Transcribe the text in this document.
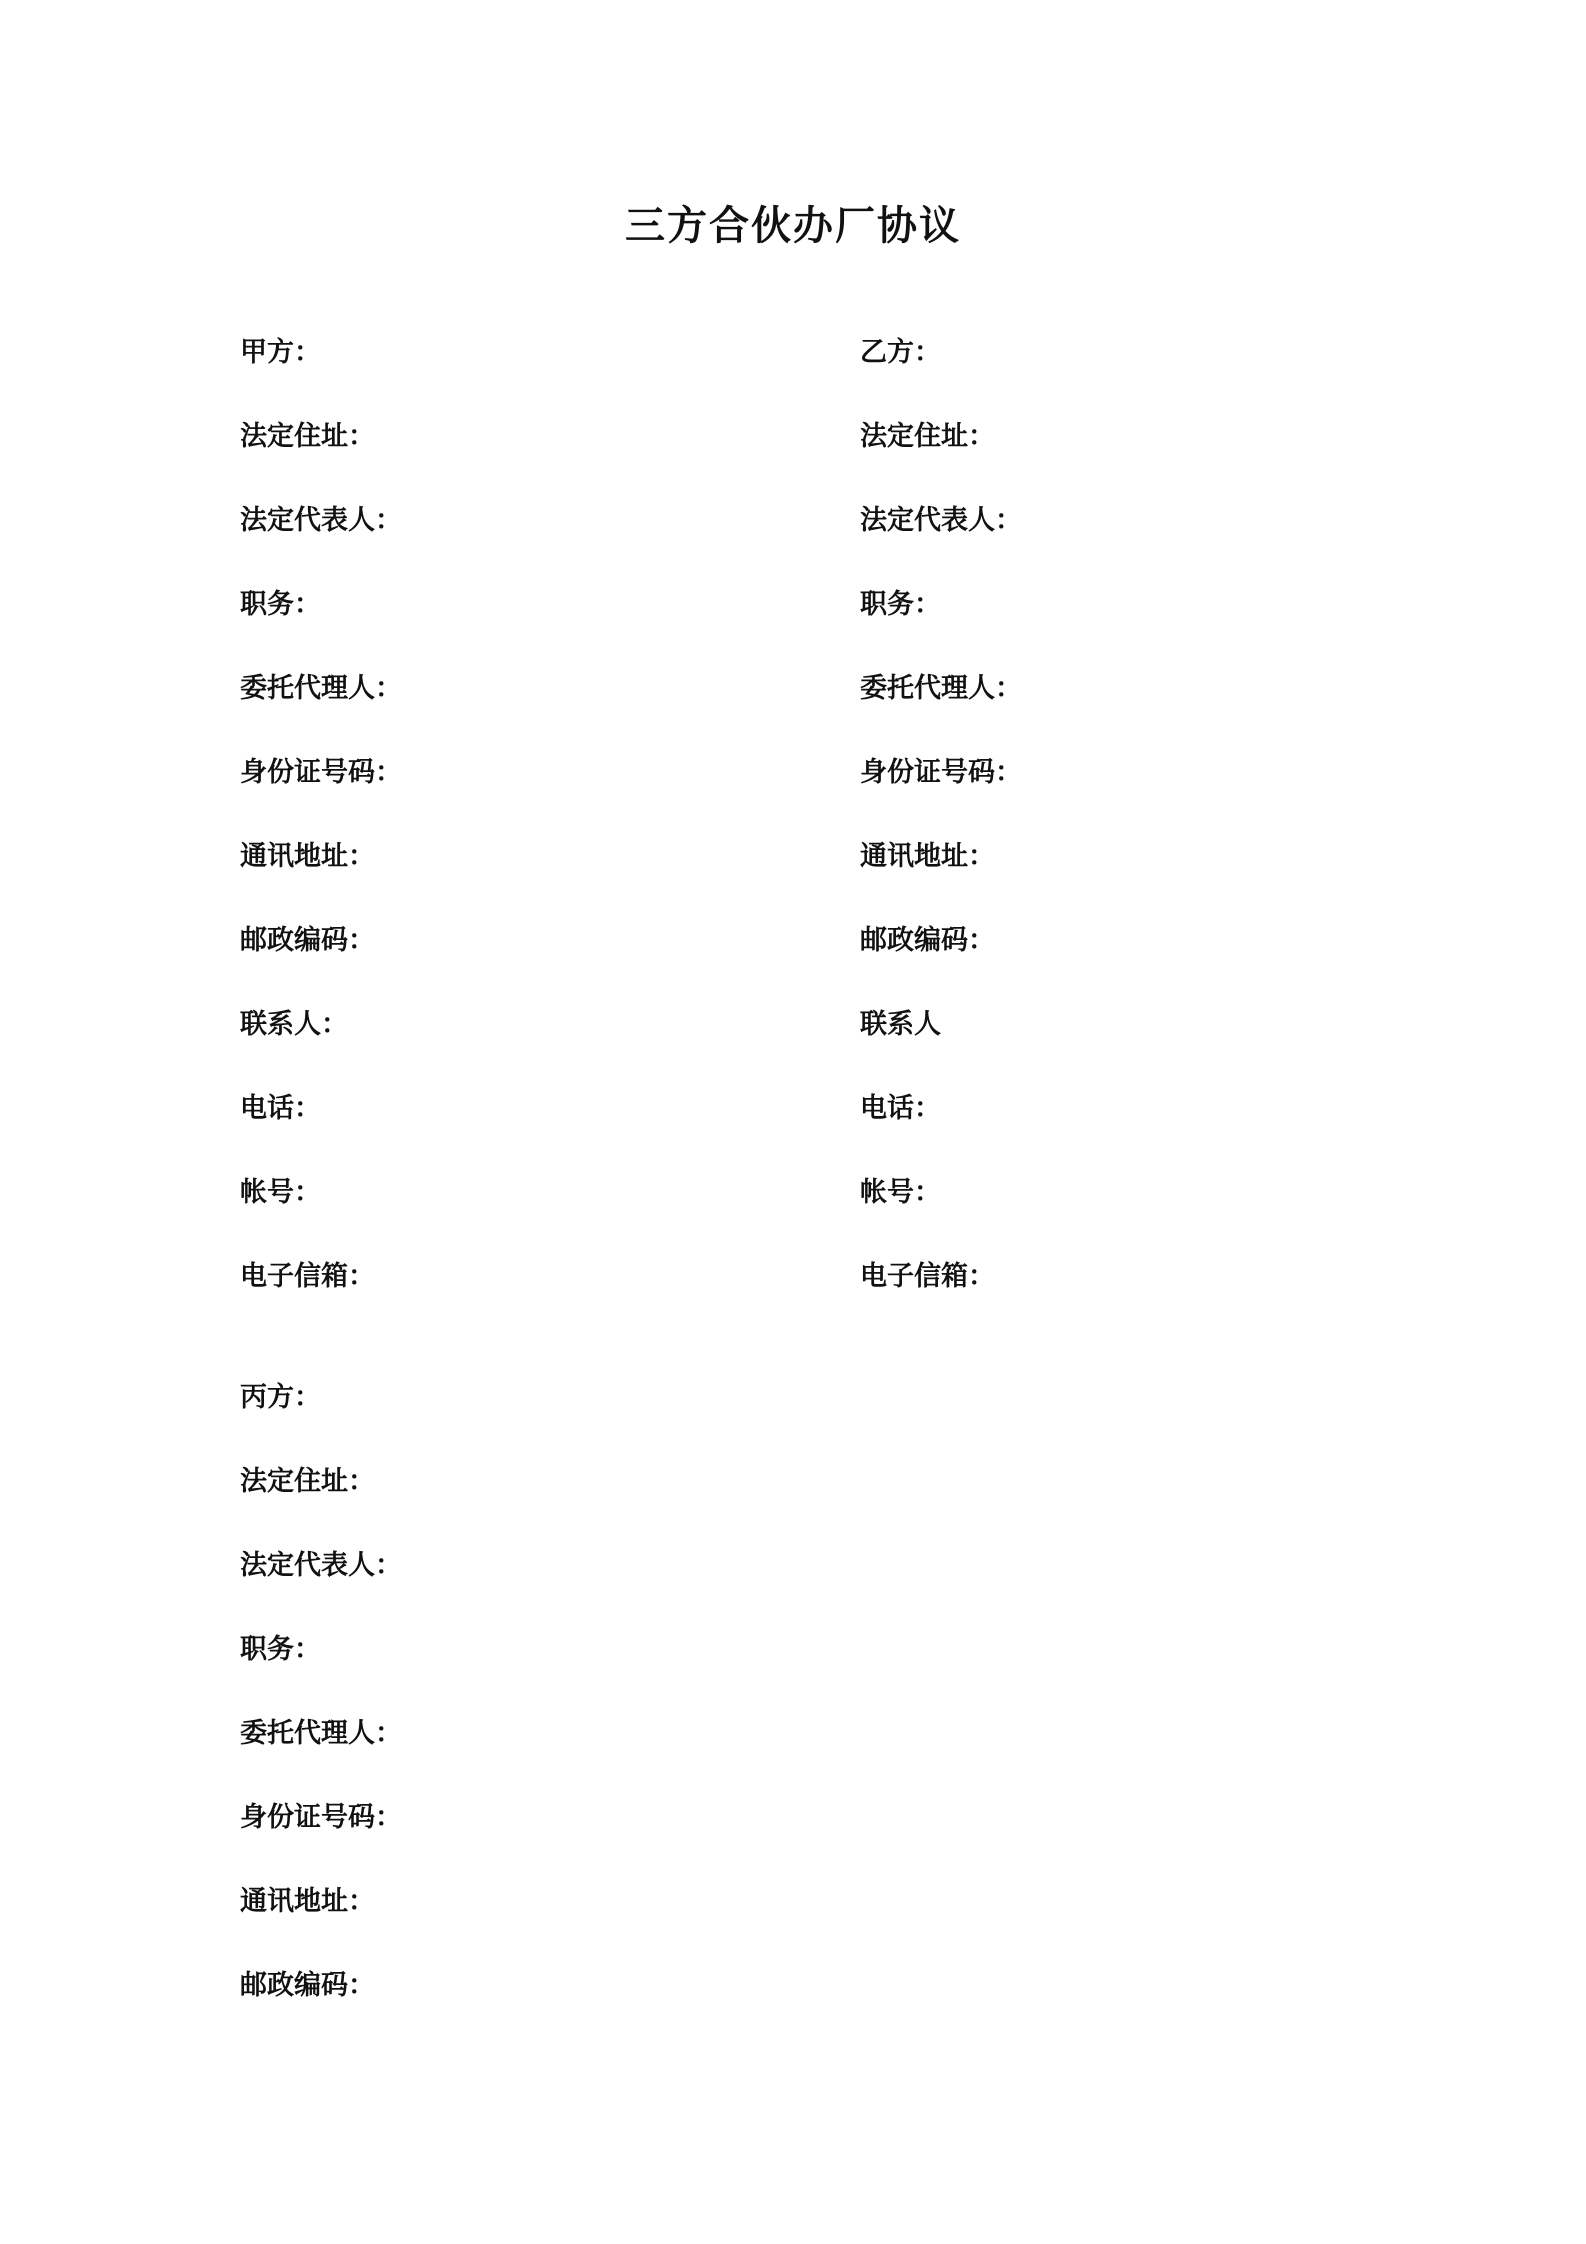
三方合伙办厂协议
甲方：
法定住址：
法定代表人：
职务：
委托代理人：
身份证号码：
通讯地址：
邮政编码：
联系人：
电话：
帐号：
电子信箱：
乙方：
法定住址：
法定代表人：
职务：
委托代理人：
身份证号码：
通讯地址：
邮政编码：
联系人
电话：
帐号：
电子信箱：
丙方：
法定住址：
法定代表人：
职务：
委托代理人：
身份证号码：
通讯地址：
邮政编码：
